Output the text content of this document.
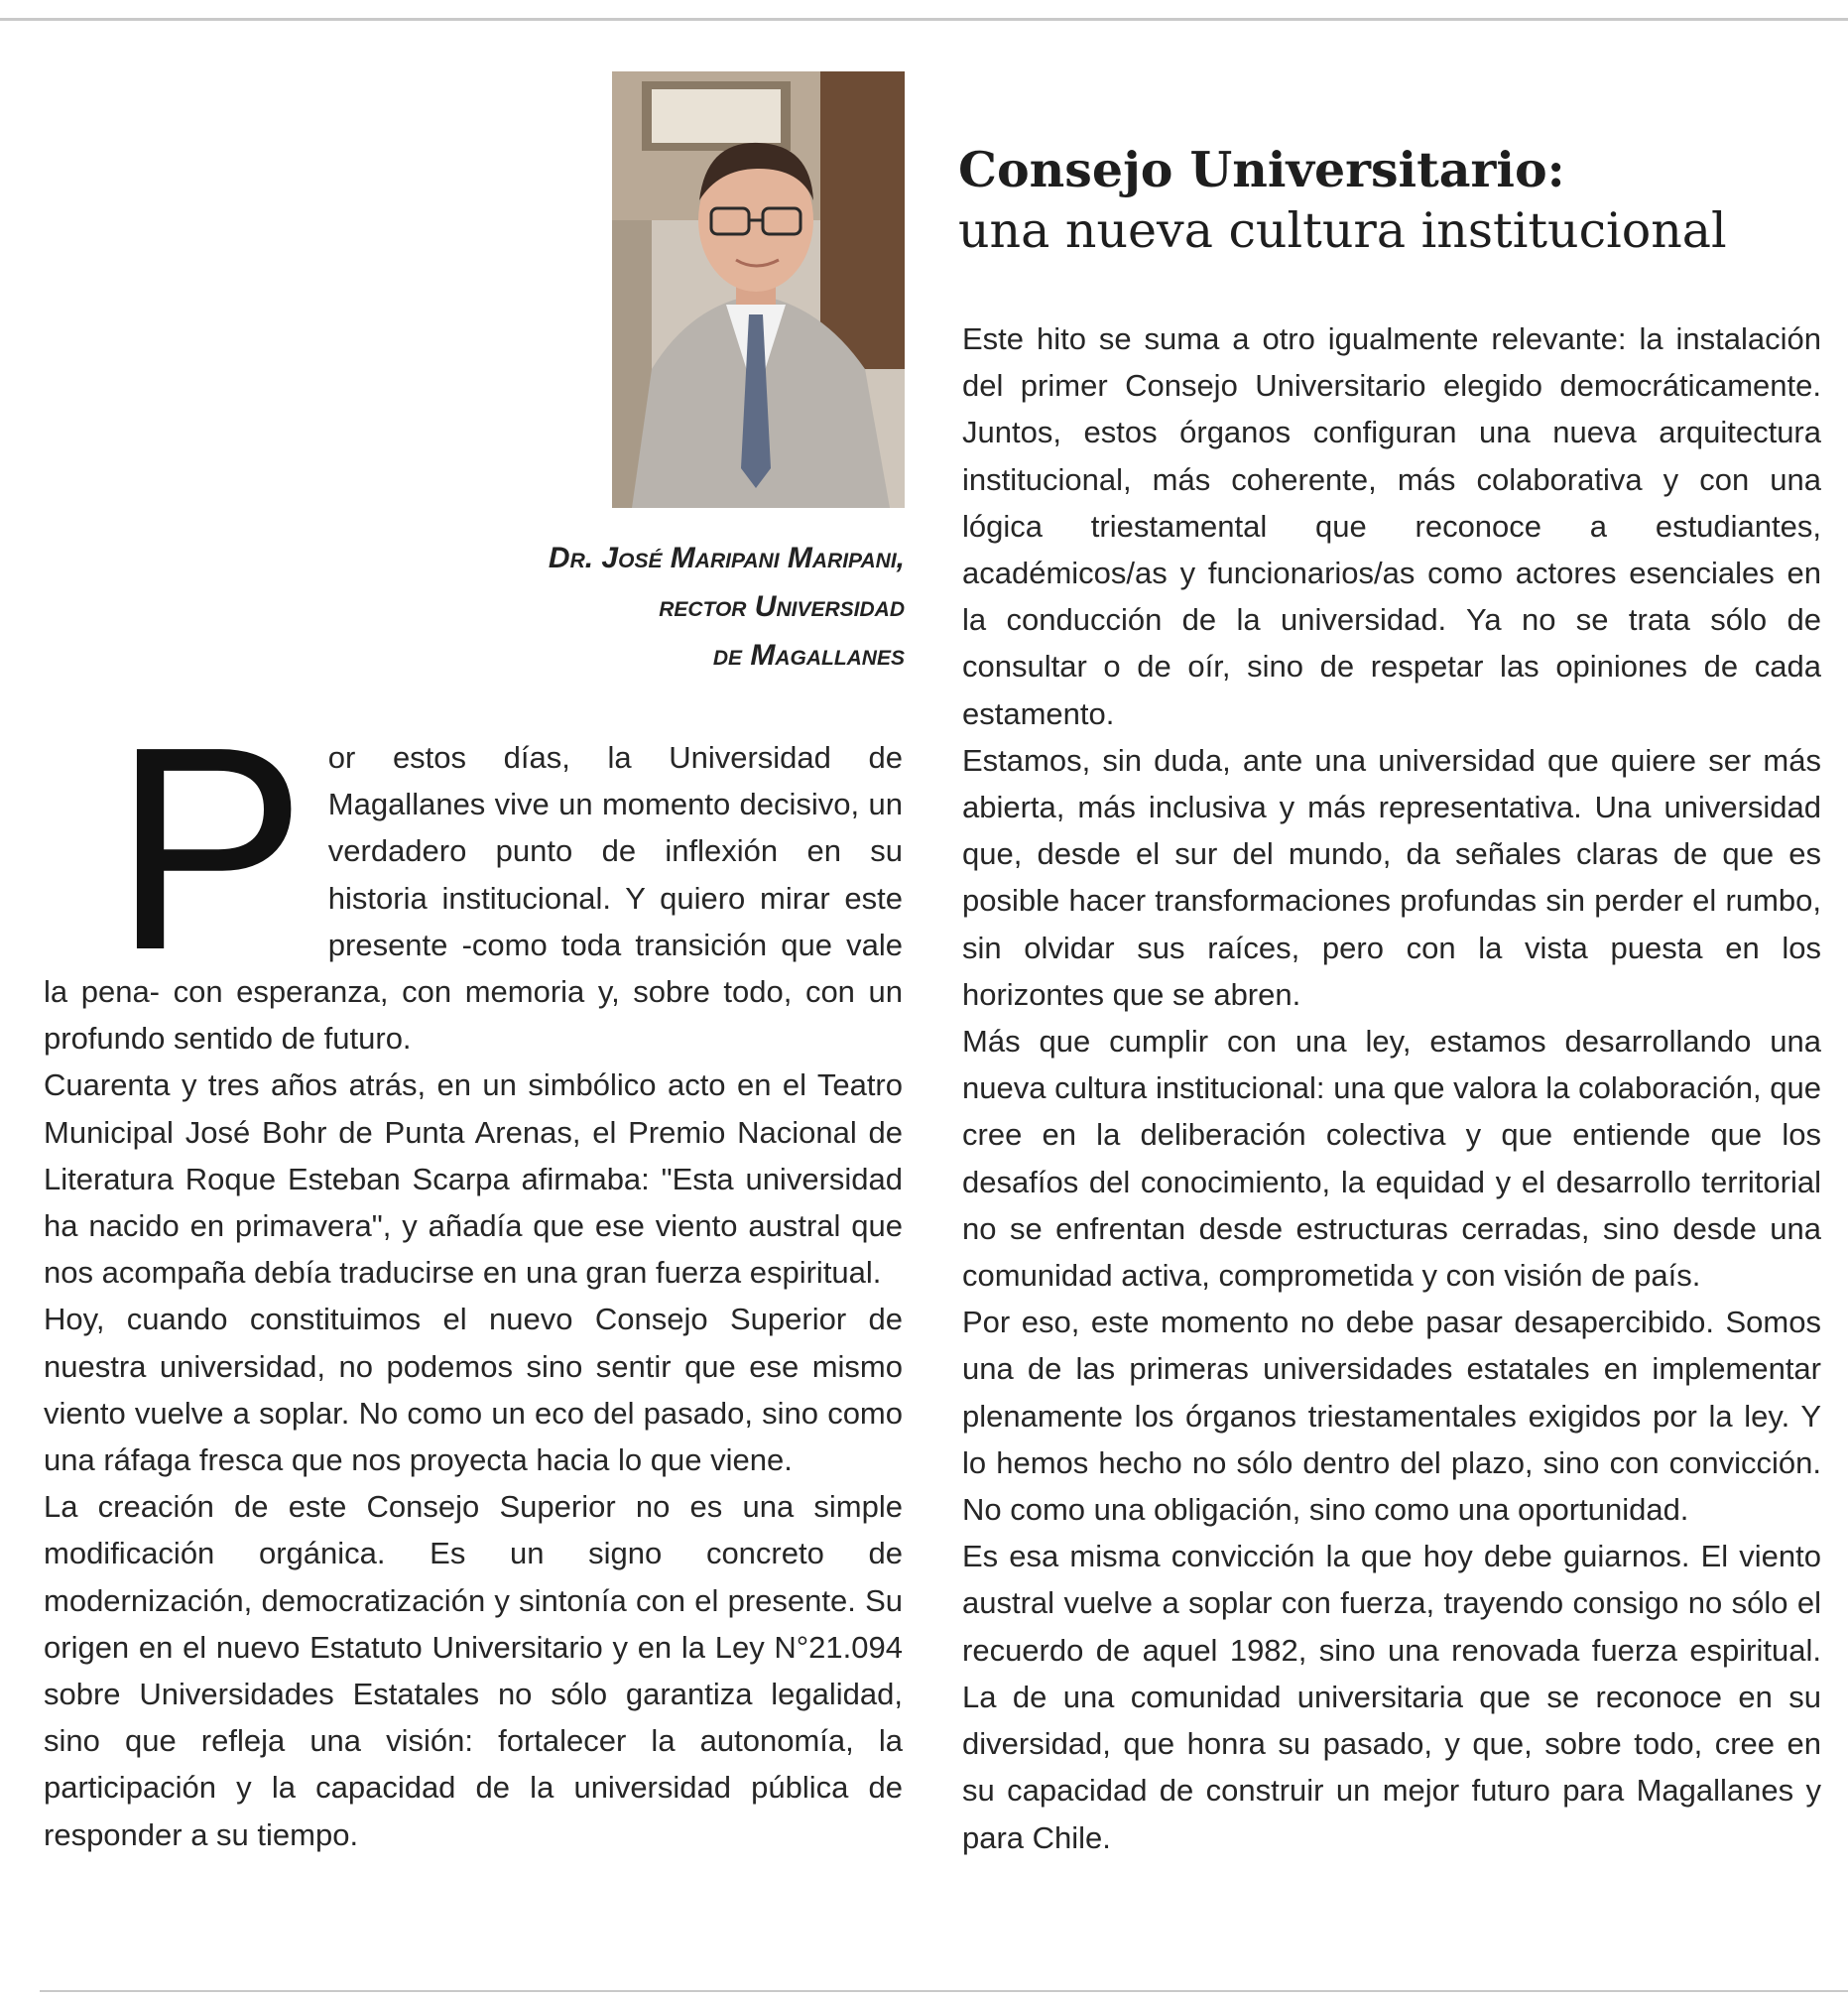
Dr. José Maripani Maripani,
rector Universidad
de Magallanes
Consejo Universitario:
una nueva cultura institucional

Por estos días, la Universidad de Magallanes vive un momento decisivo, un verdadero punto de inflexión en su historia institucional. Y quiero mirar este presente -como toda transición que vale la pena- con esperanza, con memoria y, sobre todo, con un profundo sentido de futuro.

Cuarenta y tres años atrás, en un simbólico acto en el Teatro Municipal José Bohr de Punta Arenas, el Premio Nacional de Literatura Roque Esteban Scarpa afirmaba: "Esta universidad ha nacido en primavera", y añadía que ese viento austral que nos acompaña debía traducirse en una gran fuerza espiritual.

Hoy, cuando constituimos el nuevo Consejo Superior de nuestra universidad, no podemos sino sentir que ese mismo viento vuelve a soplar. No como un eco del pasado, sino como una ráfaga fresca que nos proyecta hacia lo que viene.

La creación de este Consejo Superior no es una simple modificación orgánica. Es un signo concreto de modernización, democratización y sintonía con el presente. Su origen en el nuevo Estatuto Universitario y en la Ley N°21.094 sobre Universidades Estatales no sólo garantiza legalidad, sino que refleja una visión: fortalecer la autonomía, la participación y la capacidad de la universidad pública de responder a su tiempo.

Este hito se suma a otro igualmente relevante: la instalación del primer Consejo Universitario elegido democráticamente. Juntos, estos órganos configuran una nueva arquitectura institucional, más coherente, más colaborativa y con una lógica triestamental que reconoce a estudiantes, académicos/as y funcionarios/as como actores esenciales en la conducción de la universidad. Ya no se trata sólo de consultar o de oír, sino de respetar las opiniones de cada estamento.

Estamos, sin duda, ante una universidad que quiere ser más abierta, más inclusiva y más representativa. Una universidad que, desde el sur del mundo, da señales claras de que es posible hacer transformaciones profundas sin perder el rumbo, sin olvidar sus raíces, pero con la vista puesta en los horizontes que se abren.

Más que cumplir con una ley, estamos desarrollando una nueva cultura institucional: una que valora la colaboración, que cree en la deliberación colectiva y que entiende que los desafíos del conocimiento, la equidad y el desarrollo territorial no se enfrentan desde estructuras cerradas, sino desde una comunidad activa, comprometida y con visión de país.

Por eso, este momento no debe pasar desapercibido. Somos una de las primeras universidades estatales en implementar plenamente los órganos triestamentales exigidos por la ley. Y lo hemos hecho no sólo dentro del plazo, sino con convicción. No como una obligación, sino como una oportunidad.

Es esa misma convicción la que hoy debe guiarnos. El viento austral vuelve a soplar con fuerza, trayendo consigo no sólo el recuerdo de aquel 1982, sino una renovada fuerza espiritual. La de una comunidad universitaria que se reconoce en su diversidad, que honra su pasado, y que, sobre todo, cree en su capacidad de construir un mejor futuro para Magallanes y para Chile.
